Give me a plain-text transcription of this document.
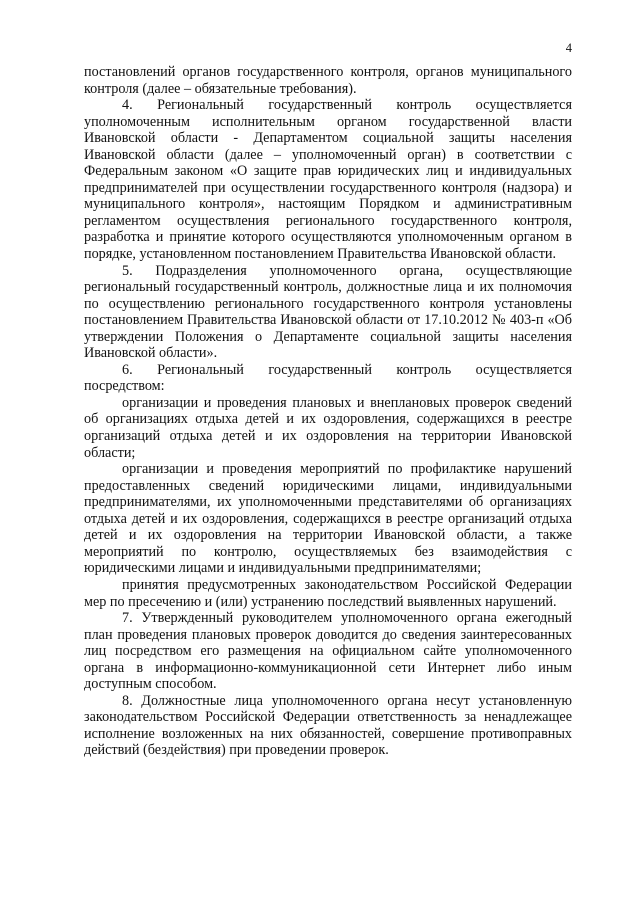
4

постановлений органов государственного контроля, органов муниципального контроля (далее – обязательные требования).

4. Региональный государственный контроль осуществляется уполномоченным исполнительным органом государственной власти Ивановской области - Департаментом социальной защиты населения Ивановской области (далее – уполномоченный орган) в соответствии с Федеральным законом «О защите прав юридических лиц и индивидуальных предпринимателей при осуществлении государственного контроля (надзора) и муниципального контроля», настоящим Порядком и административным регламентом осуществления регионального государственного контроля, разработка и принятие которого осуществляются уполномоченным органом в порядке, установленном постановлением Правительства Ивановской области.

5. Подразделения уполномоченного органа, осуществляющие региональный государственный контроль, должностные лица и их полномочия по осуществлению регионального государственного контроля установлены постановлением Правительства Ивановской области от 17.10.2012 № 403-п «Об утверждении Положения о Департаменте социальной защиты населения Ивановской области».

6. Региональный государственный контроль осуществляется посредством:

организации и проведения плановых и внеплановых проверок сведений об организациях отдыха детей и их оздоровления, содержащихся в реестре организаций отдыха детей и их оздоровления на территории Ивановской области;

организации и проведения мероприятий по профилактике нарушений предоставленных сведений юридическими лицами, индивидуальными предпринимателями, их уполномоченными представителями об организациях отдыха детей и их оздоровления, содержащихся в реестре организаций отдыха детей и их оздоровления на территории Ивановской области, а также мероприятий по контролю, осуществляемых без взаимодействия с юридическими лицами и индивидуальными предпринимателями;

принятия предусмотренных законодательством Российской Федерации мер по пресечению и (или) устранению последствий выявленных нарушений.

7. Утвержденный руководителем уполномоченного органа ежегодный план проведения плановых проверок доводится до сведения заинтересованных лиц посредством его размещения на официальном сайте уполномоченного органа в информационно-коммуникационной сети Интернет либо иным доступным способом.

8. Должностные лица уполномоченного органа несут установленную законодательством Российской Федерации ответственность за ненадлежащее исполнение возложенных на них обязанностей, совершение противоправных действий (бездействия) при проведении проверок.
